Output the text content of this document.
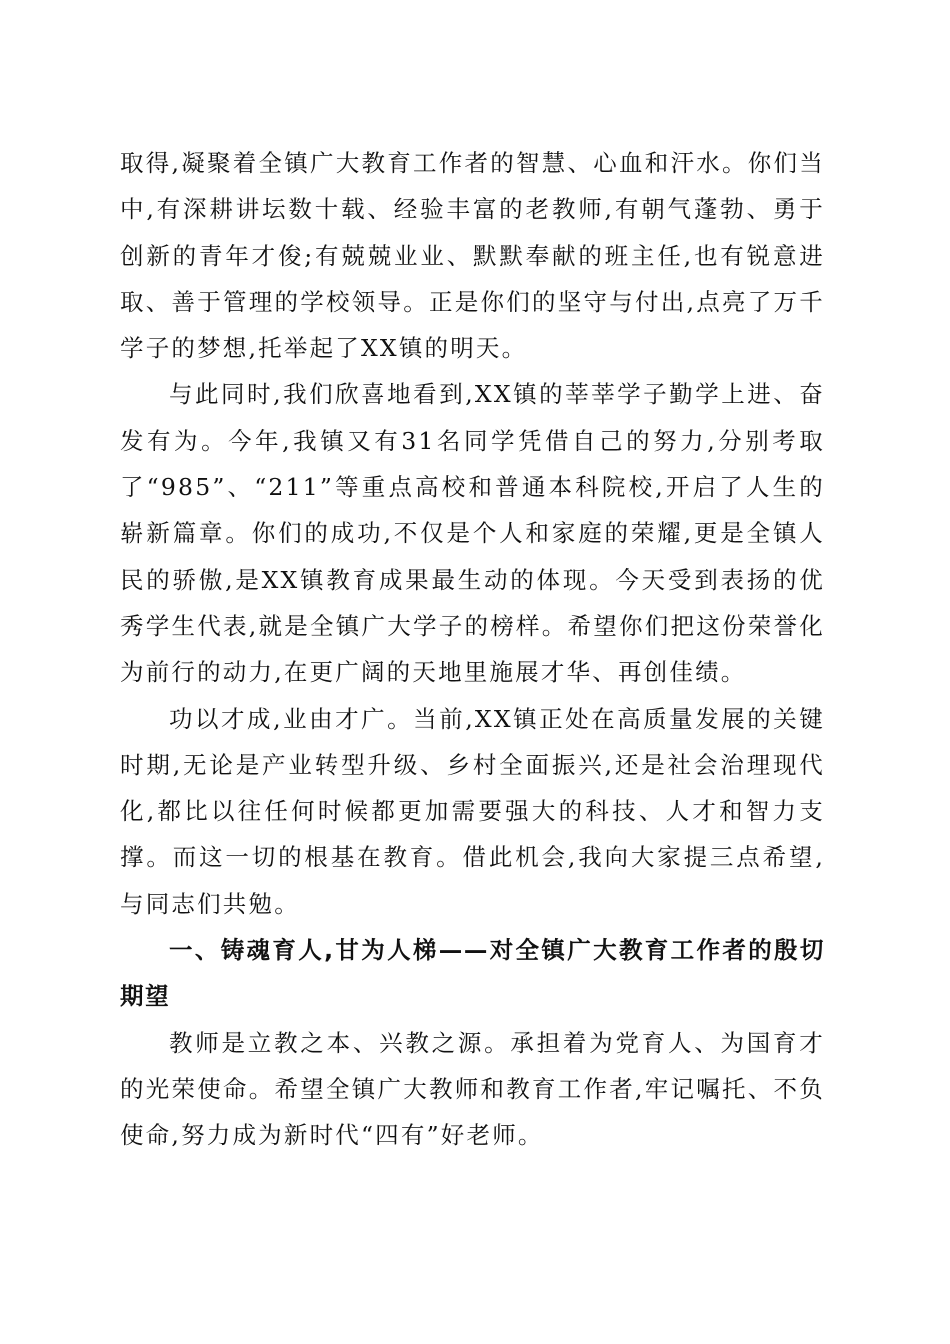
取得,凝聚着全镇广大教育工作者的智慧、心血和汗水。你们当中,有深耕讲坛数十载、经验丰富的老教师,有朝气蓬勃、勇于创新的青年才俊;有兢兢业业、默默奉献的班主任,也有锐意进取、善于管理的学校领导。正是你们的坚守与付出,点亮了万千学子的梦想,托举起了XX镇的明天。

与此同时,我们欣喜地看到,XX镇的莘莘学子勤学上进、奋发有为。今年,我镇又有31名同学凭借自己的努力,分别考取了“985”、“211”等重点高校和普通本科院校,开启了人生的崭新篇章。你们的成功,不仅是个人和家庭的荣耀,更是全镇人民的骄傲,是XX镇教育成果最生动的体现。今天受到表扬的优秀学生代表,就是全镇广大学子的榜样。希望你们把这份荣誉化为前行的动力,在更广阔的天地里施展才华、再创佳绩。

功以才成,业由才广。当前,XX镇正处在高质量发展的关键时期,无论是产业转型升级、乡村全面振兴,还是社会治理现代化,都比以往任何时候都更加需要强大的科技、人才和智力支撑。而这一切的根基在教育。借此机会,我向大家提三点希望,与同志们共勉。

一、铸魂育人,甘为人梯——对全镇广大教育工作者的殷切期望

教师是立教之本、兴教之源。承担着为党育人、为国育才的光荣使命。希望全镇广大教师和教育工作者,牢记嘱托、不负使命,努力成为新时代“四有”好老师。
